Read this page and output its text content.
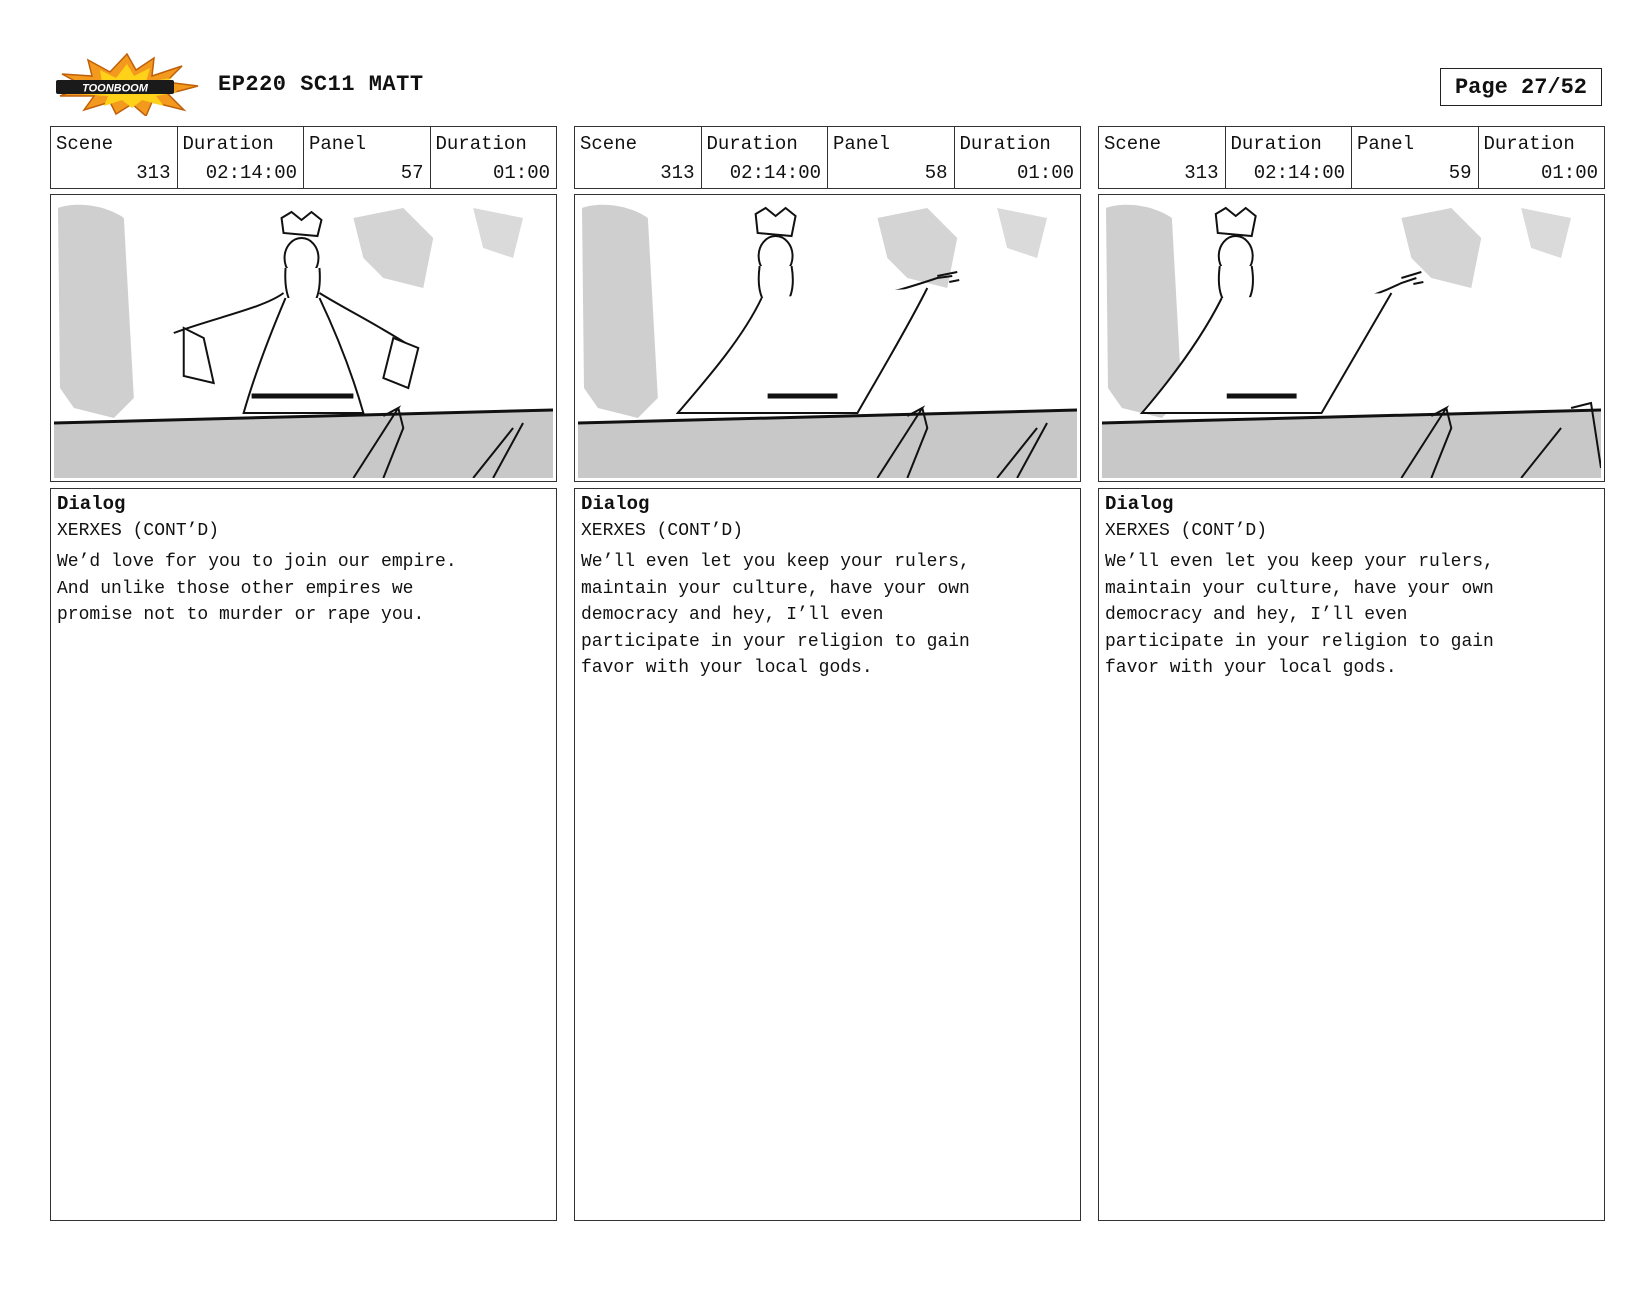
TOONBOOM	EP220 SC11 MATT	Page 27/52
Scene
313
Duration
02:14:00
Panel
57
Duration
01:00
Dialog
XERXES (CONT’D)
We’d love for you to join our empire.
And unlike those other empires we
promise not to murder or rape you.
Scene
313
Duration
02:14:00
Panel
58
Duration
01:00
Dialog
XERXES (CONT’D)
We’ll even let you keep your rulers,
maintain your culture, have your own
democracy and hey, I’ll even
participate in your religion to gain
favor with your local gods.
Scene
313
Duration
02:14:00
Panel
59
Duration
01:00
Dialog
XERXES (CONT’D)
We’ll even let you keep your rulers,
maintain your culture, have your own
democracy and hey, I’ll even
participate in your religion to gain
favor with your local gods.
